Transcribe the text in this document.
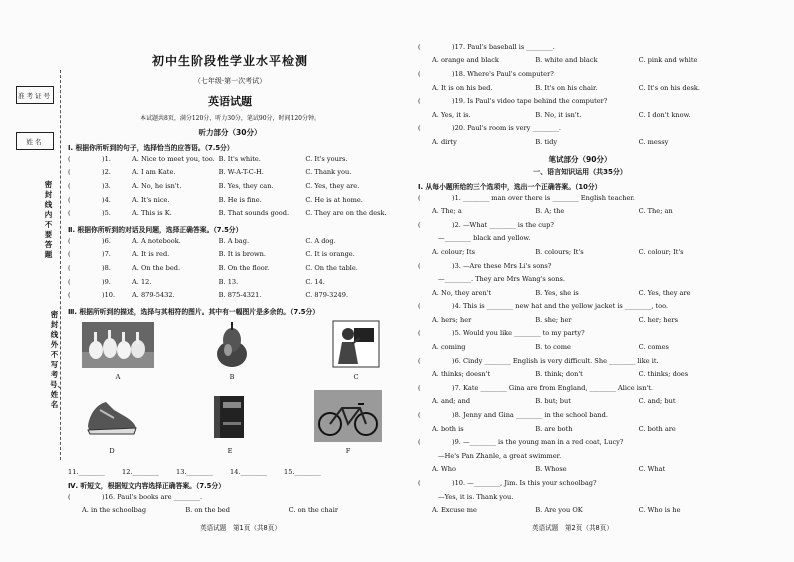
准考证号
姓名
密封线内不要答题
密封线外不写考号、姓名
初中生阶段性学业水平检测
（七年级·第一次考试）
英语试题
本试题共8页，满分120分，听力30分，笔试90分，时间120分钟。
听力部分（30分）
Ⅰ. 根据你所听到的句子，选择恰当的应答语。（7.5分）
(	)1.	A. Nice to meet you, too. B. It's white.	C. It's yours.
(	)2.	A. I am Kate.	B. W-A-T-C-H.	C. Thank you.
(	)3.	A. No, he isn't.	B. Yes, they can.	C. Yes, they are.
(	)4.	A. It's nice.	B. He is fine.	C. He is at home.
(	)5.	A. This is K.	B. That sounds good.	C. They are on the desk.
Ⅱ. 根据你所听到的对话及问题，选择正确答案。（7.5分）
(	)6.	A. A notebook.	B. A bag.	C. A dog.
(	)7.	A. It is red.	B. It is brown.	C. It is orange.
(	)8.	A. On the bed.	B. On the floor.	C. On the table.
(	)9.	A. 12.	B. 13.	C. 14.
(	)10.	A. 879-5432.	B. 875-4321.	C. 879-3249.
Ⅲ. 根据所听到的描述，选择与其相符的图片。其中有一幅图片是多余的。（7.5分）
A	B	C
D	E	F
11.________	12.________	13.________	14.________	15.________
Ⅳ. 听短文，根据短文内容选择正确答案。（7.5分）
(	)16. Paul's books are ________.
A. in the schoolbag	B. on the bed	C. on the chair
英语试题　第1页（共8页）
(	)17. Paul's baseball is ________.
A. orange and black	B. white and black	C. pink and white
(	)18. Where's Paul's computer?
A. It is on his bed.	B. It's on his chair.	C. It's on his desk.
(	)19. Is Paul's video tape behind the computer?
A. Yes, it is.	B. No, it isn't.	C. I don't know.
(	)20. Paul's room is very ________.
A. dirty	B. tidy	C. messy
笔试部分（90分）
一、语言知识运用（共35分）
Ⅰ. 从每小题所给的三个选项中，选出一个正确答案。（10分）
(	)1. ________ man over there is ________ English teacher.
A. The; a	B. A; the	C. The; an
(	)2. —What ________ is the cup?
—________ black and yellow.
A. colour; Its	B. colours; It's	C. colour; It's
(	)3. —Are these Mrs Li's sons?
—________. They are Mrs Wang's sons.
A. No, they aren't	B. Yes, she is	C. Yes, they are
(	)4. This is ________ new hat and the yellow jacket is ________, too.
A. hers; her	B. she; her	C. her; hers
(	)5. Would you like ________ to my party?
A. coming	B. to come	C. comes
(	)6. Cindy ________ English is very difficult. She ________ like it.
A. thinks; doesn't	B. think; don't	C. thinks; does
(	)7. Kate ________ Gina are from England, ________ Alice isn't.
A. and; and	B. but; but	C. and; but
(	)8. Jenny and Gina ________ in the school band.
A. both is	B. are both	C. both are
(	)9. —________ is the young man in a red coat, Lucy?
—He's Pan Zhanle, a great swimmer.
A. Who	B. Whose	C. What
(	)10. —________, Jim. Is this your schoolbag?
—Yes, it is. Thank you.
A. Excuse me	B. Are you OK	C. Who is he
英语试题　第2页（共8页）
